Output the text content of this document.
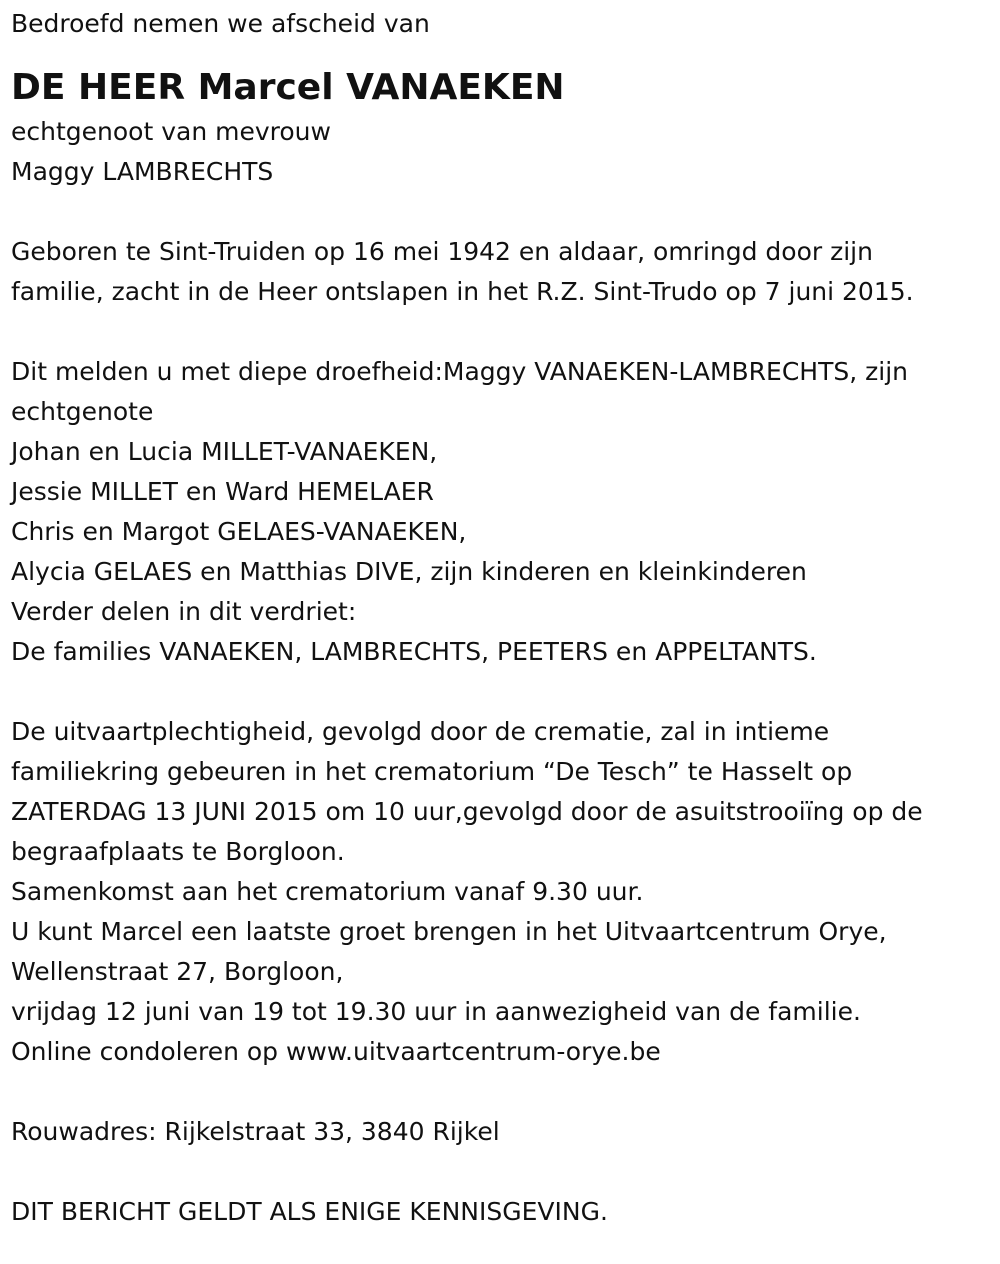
Bedroefd nemen we afscheid van
DE HEER Marcel VANAEKEN
echtgenoot van mevrouw
Maggy LAMBRECHTS
Geboren te Sint-Truiden op 16 mei 1942 en aldaar, omringd door zijn
familie, zacht in de Heer ontslapen in het R.Z. Sint-Trudo op 7 juni 2015.
Dit melden u met diepe droefheid:Maggy VANAEKEN-LAMBRECHTS, zijn
echtgenote
Johan en Lucia MILLET-VANAEKEN,
Jessie MILLET en Ward HEMELAER
Chris en Margot GELAES-VANAEKEN,
Alycia GELAES en Matthias DIVE, zijn kinderen en kleinkinderen
Verder delen in dit verdriet:
De families VANAEKEN, LAMBRECHTS, PEETERS en APPELTANTS.
De uitvaartplechtigheid, gevolgd door de crematie, zal in intieme
familiekring gebeuren in het crematorium “De Tesch” te Hasselt op
ZATERDAG 13 JUNI 2015 om 10 uur,gevolgd door de asuitstrooiïng op de
begraafplaats te Borgloon.
Samenkomst aan het crematorium vanaf 9.30 uur.
U kunt Marcel een laatste groet brengen in het Uitvaartcentrum Orye,
Wellenstraat 27, Borgloon,
vrijdag 12 juni van 19 tot 19.30 uur in aanwezigheid van de familie.
Online condoleren op www.uitvaartcentrum-orye.be
Rouwadres: Rijkelstraat 33, 3840 Rijkel
DIT BERICHT GELDT ALS ENIGE KENNISGEVING.
